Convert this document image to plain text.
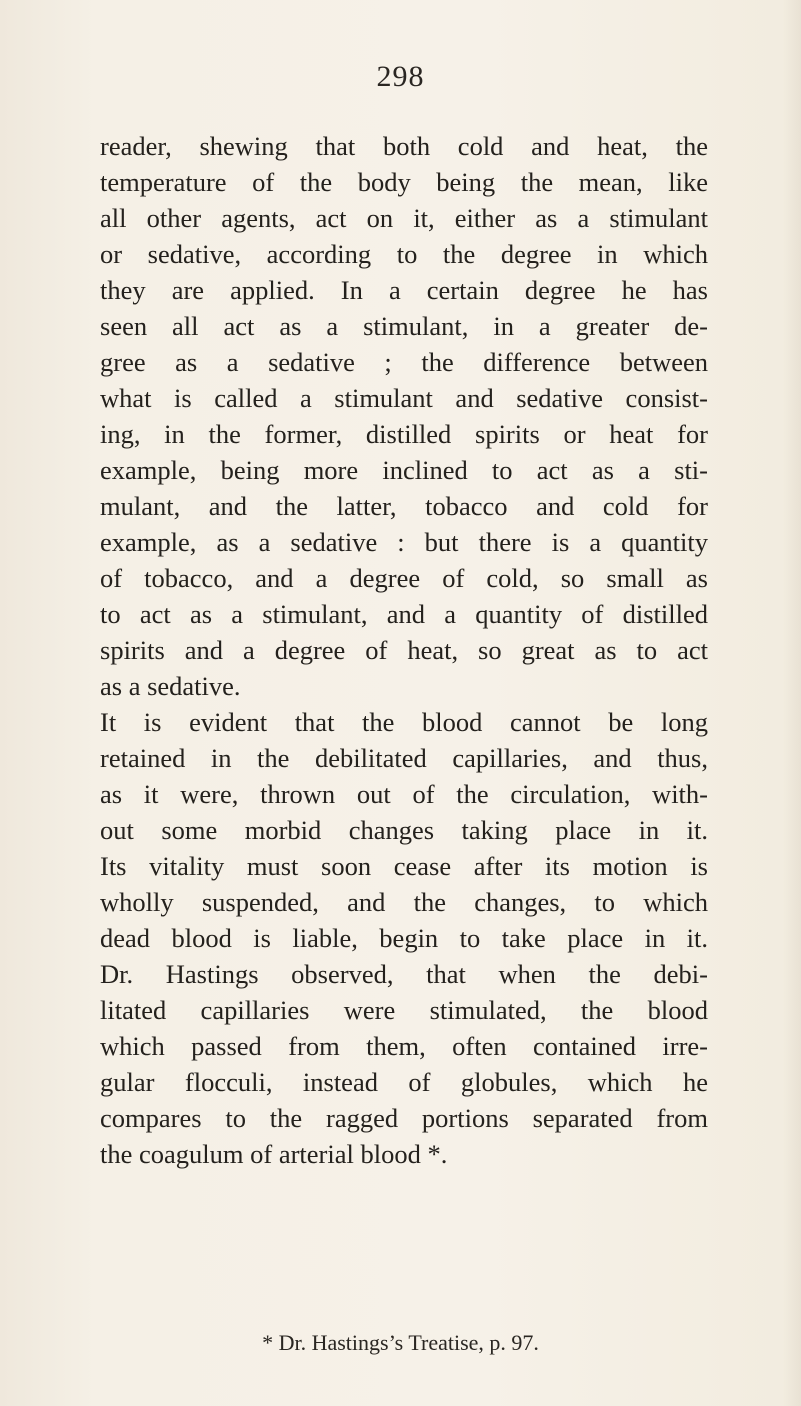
298
reader, shewing that both cold and heat, the
temperature of the body being the mean, like
all other agents, act on it, either as a stimulant
or sedative, according to the degree in which
they are applied. In a certain degree he has
seen all act as a stimulant, in a greater de-
gree as a sedative ; the difference between
what is called a stimulant and sedative consist-
ing, in the former, distilled spirits or heat for
example, being more inclined to act as a sti-
mulant, and the latter, tobacco and cold for
example, as a sedative : but there is a quantity
of tobacco, and a degree of cold, so small as
to act as a stimulant, and a quantity of distilled
spirits and a degree of heat, so great as to act
as a sedative.
It is evident that the blood cannot be long
retained in the debilitated capillaries, and thus,
as it were, thrown out of the circulation, with-
out some morbid changes taking place in it.
Its vitality must soon cease after its motion is
wholly suspended, and the changes, to which
dead blood is liable, begin to take place in it.
Dr. Hastings observed, that when the debi-
litated capillaries were stimulated, the blood
which passed from them, often contained irre-
gular flocculi, instead of globules, which he
compares to the ragged portions separated from
the coagulum of arterial blood *.
* Dr. Hastings’s Treatise, p. 97.
